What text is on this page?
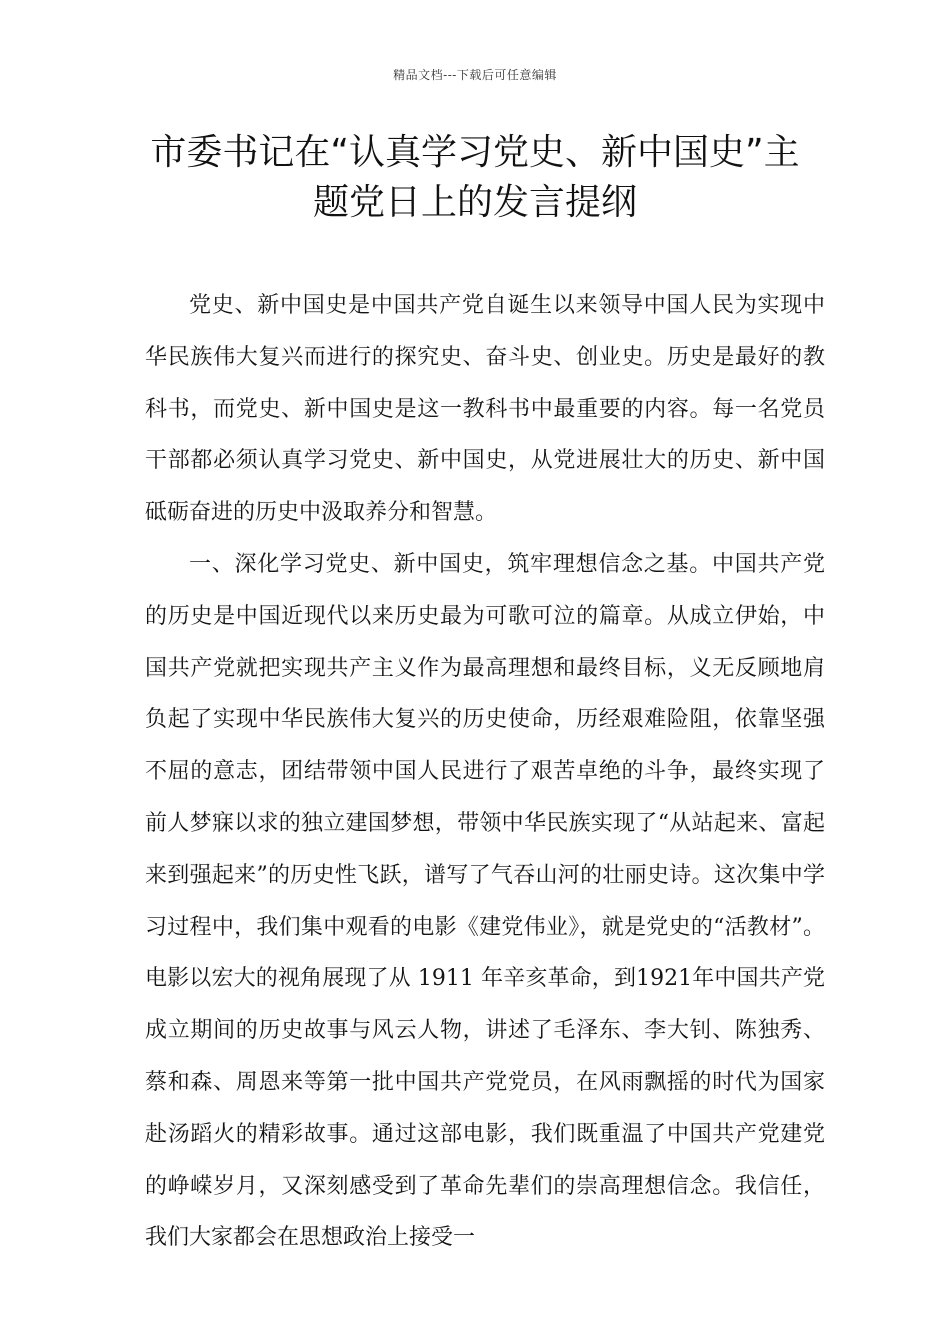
精品文档---下载后可任意编辑
市委书记在“认真学习党史、新中国史”主题党日上的发言提纲

党史、新中国史是中国共产党自诞生以来领导中国人民为实现中华民族伟大复兴而进行的探究史、奋斗史、创业史。历史是最好的教科书，而党史、新中国史是这一教科书中最重要的内容。每一名党员干部都必须认真学习党史、新中国史，从党进展壮大的历史、新中国砥砺奋进的历史中汲取养分和智慧。

一、深化学习党史、新中国史，筑牢理想信念之基。中国共产党的历史是中国近现代以来历史最为可歌可泣的篇章。从成立伊始，中国共产党就把实现共产主义作为最高理想和最终目标，义无反顾地肩负起了实现中华民族伟大复兴的历史使命，历经艰难险阻，依靠坚强不屈的意志，团结带领中国人民进行了艰苦卓绝的斗争，最终实现了前人梦寐以求的独立建国梦想，带领中华民族实现了“从站起来、富起来到强起来”的历史性飞跃，谱写了气吞山河的壮丽史诗。这次集中学习过程中，我们集中观看的电影《建党伟业》，就是党史的“活教材”。电影以宏大的视角展现了从 1911 年辛亥革命，到1921年中国共产党成立期间的历史故事与风云人物，讲述了毛泽东、李大钊、陈独秀、蔡和森、周恩来等第一批中国共产党党员，在风雨飘摇的时代为国家赴汤蹈火的精彩故事。通过这部电影，我们既重温了中国共产党建党的峥嵘岁月，又深刻感受到了革命先辈们的崇高理想信念。我信任，我们大家都会在思想政治上接受一
